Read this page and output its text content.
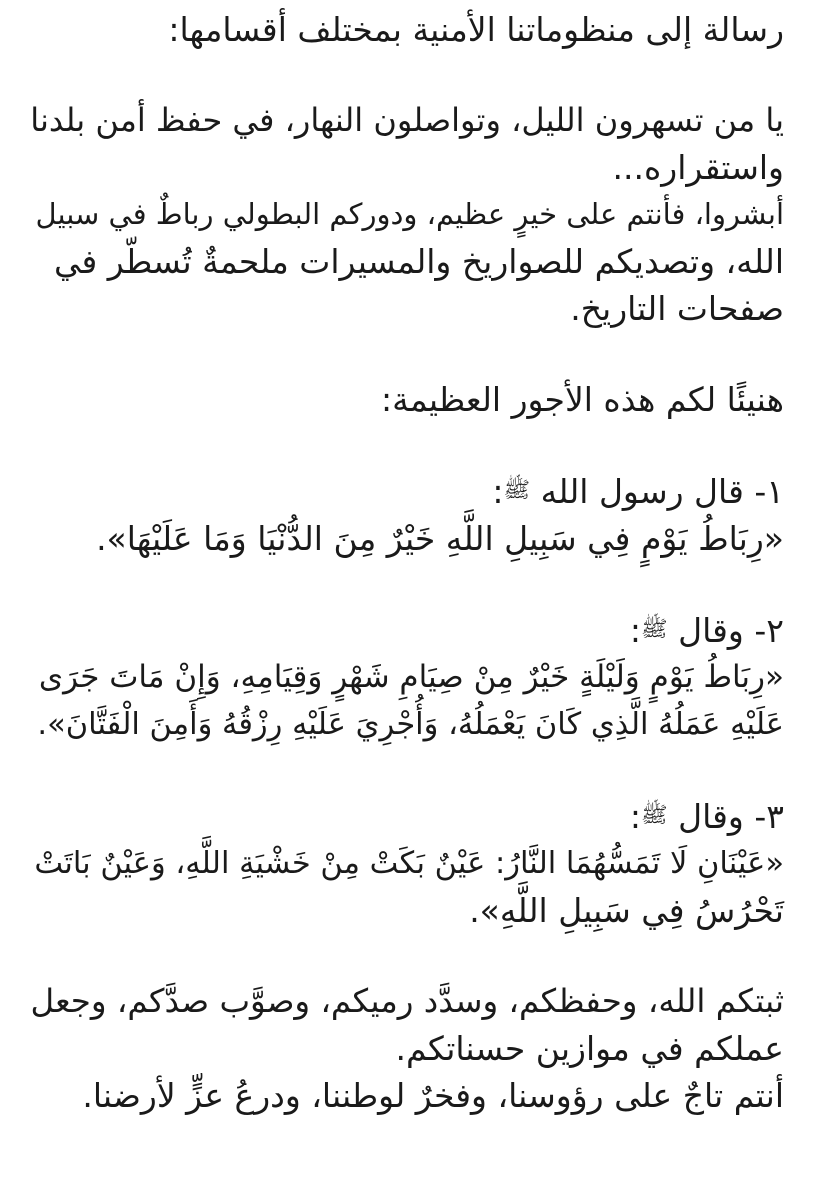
رسالة إلى منظوماتنا الأمنية بمختلف أقسامها:

يا من تسهرون الليل، وتواصلون النهار، في حفظ أمن بلدنا

واستقراره...

أبشروا، فأنتم على خيرٍ عظيم، ودوركم البطولي رباطٌ في سبيل

الله، وتصديكم للصواريخ والمسيرات ملحمةٌ تُسطّر في

صفحات التاريخ.

هنيئًا لكم هذه الأجور العظيمة:

١- قال رسول الله ﷺ:

«رِبَاطُ يَوْمٍ فِي سَبِيلِ اللَّهِ خَيْرٌ مِنَ الدُّنْيَا وَمَا عَلَيْهَا».

٢- وقال ﷺ:

«رِبَاطُ يَوْمٍ وَلَيْلَةٍ خَيْرٌ مِنْ صِيَامِ شَهْرٍ وَقِيَامِهِ، وَإِنْ مَاتَ جَرَى

عَلَيْهِ عَمَلُهُ الَّذِي كَانَ يَعْمَلُهُ، وَأُجْرِيَ عَلَيْهِ رِزْقُهُ وَأَمِنَ الْفَتَّانَ».

٣- وقال ﷺ:

«عَيْنَانِ لَا تَمَسُّهُمَا النَّارُ: عَيْنٌ بَكَتْ مِنْ خَشْيَةِ اللَّهِ، وَعَيْنٌ بَاتَتْ

تَحْرُسُ فِي سَبِيلِ اللَّهِ».

ثبتكم الله، وحفظكم، وسدَّد رميكم، وصوَّب صدَّكم، وجعل

عملكم في موازين حسناتكم.

أنتم تاجٌ على رؤوسنا، وفخرٌ لوطننا، ودرعُ عزٍّ لأرضنا.
